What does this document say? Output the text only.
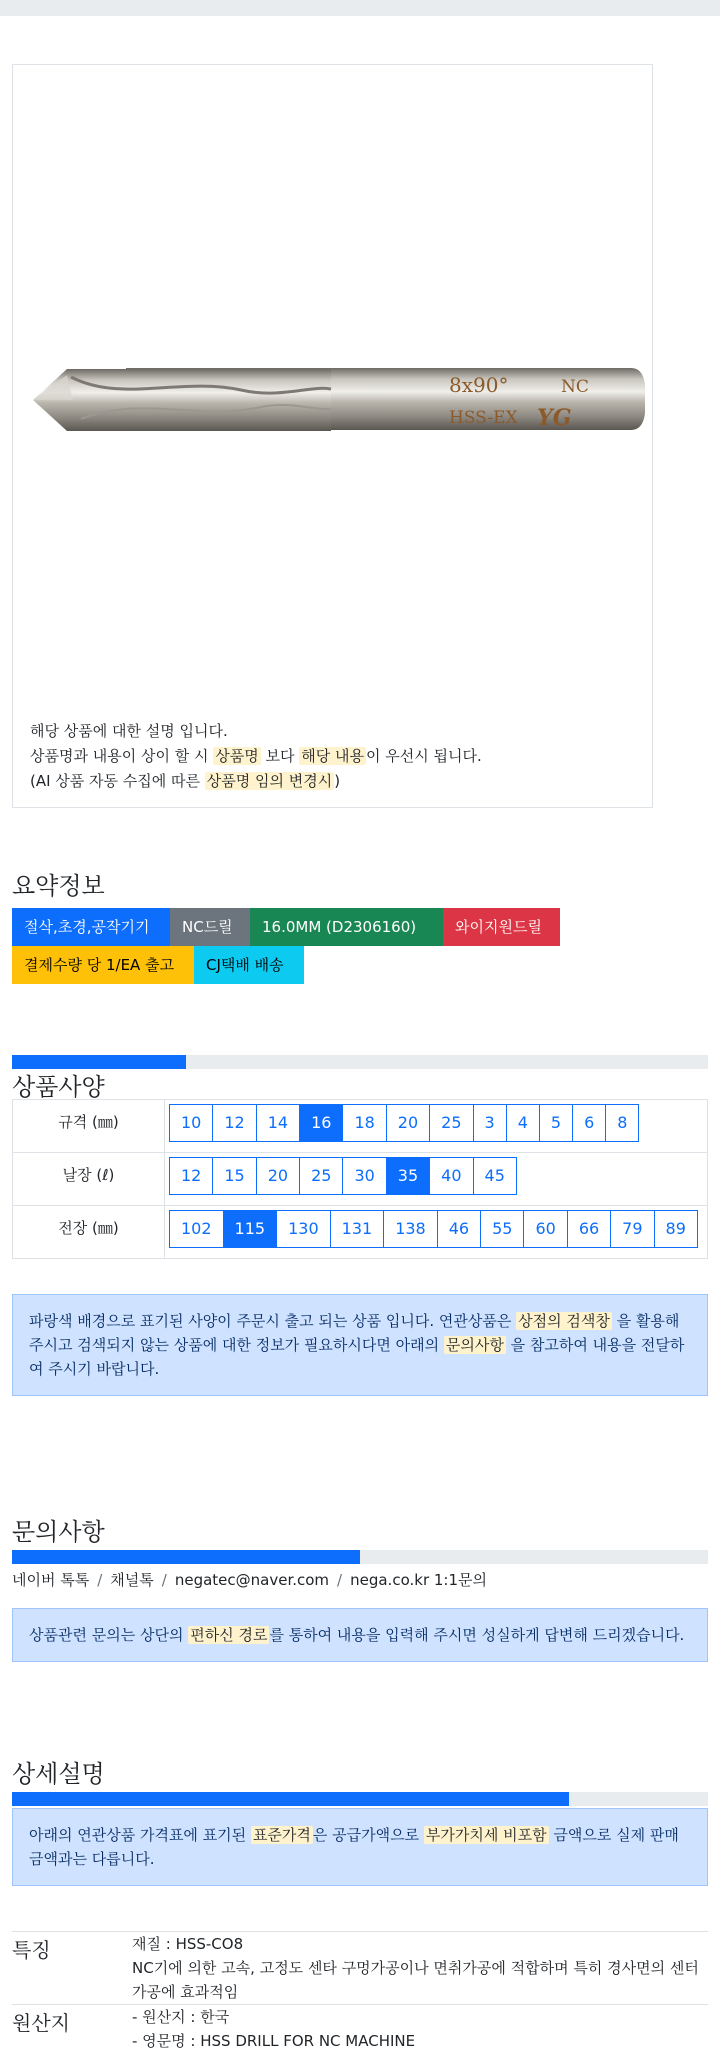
8x90°	NC
HSS-EX YG
해당 상품에 대한 설명 입니다.
상품명과 내용이 상이 할 시 상품명 보다 해당 내용 이 우선시 됩니다.
(AI 상품 자동 수집에 따른 상품명 임의 변경시 )
요약정보
절삭,초경,공작기기	NC드릴	16.0MM (D2306160)	와이지원드릴
결제수량 당 1/EA 출고	CJ택배 배송
상품사양
규격 (㎜)	10 12 14 16 18 20 25 3 4 5 6 8
날장 (ℓ)	12 15 20 25 30 35 40 45
전장 (㎜)	102 115 130 131 138 46 55 60 66 79 89
파랑색 배경으로 표기된 사양이 주문시 출고 되는 상품 입니다. 연관상품은 상점의 검색창 을 활용해 주시고 검색되지 않는 상품에 대한 정보가 필요하시다면 아래의 문의사항 을 참고하여 내용을 전달하여 주시기 바랍니다.
문의사항
네이버 톡톡 / 채널톡 / negatec@naver.com / nega.co.kr 1:1문의
상품관련 문의는 상단의 편하신 경로 를 통하여 내용을 입력해 주시면 성실하게 답변해 드리겠습니다.
상세설명
아래의 연관상품 가격표에 표기된 표준가격 은 공급가액으로 부가가치세 비포함 금액으로 실제 판매금액과는 다릅니다.
특징	재질 : HSS-CO8
NC기에 의한 고속, 고정도 센타 구멍가공이나 면취가공에 적합하며 특히 경사면의 센터가공에 효과적임
원산지	- 원산지 : 한국
- 영문명 : HSS DRILL FOR NC MACHINE
